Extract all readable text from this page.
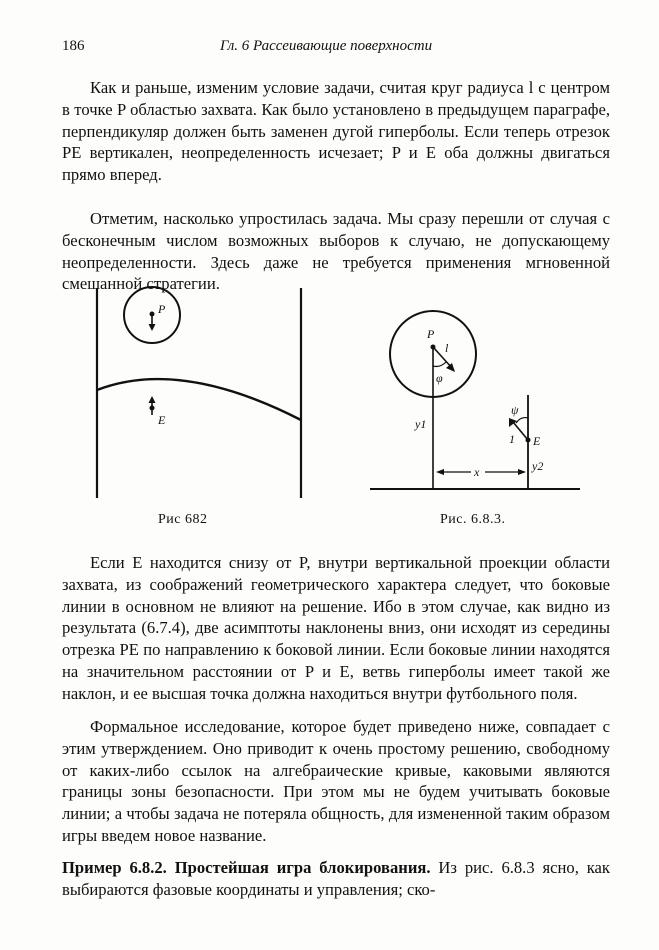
186	Гл. 6 Рассеивающие поверхности

Как и раньше, изменим условие задачи, считая круг радиуса l с центром в точке P областью захвата. Как было установлено в предыдущем параграфе, перпендикуляр должен быть заменен дугой гиперболы. Если теперь отрезок PE вертикален, неопределенность исчезает; P и E оба должны двигаться прямо вперед.

Отметим, насколько упростилась задача. Мы сразу перешли от случая с бесконечным числом возможных выборов к случаю, не допускающему неопределенности. Здесь даже не требуется применения мгновенной смешанной стратегии.

P
E
P
l
φ
ψ
1 E
y1
y2
x
Рис 682	Рис. 6.8.3.

Если E находится снизу от P, внутри вертикальной проекции области захвата, из соображений геометрического характера следует, что боковые линии в основном не влияют на решение. Ибо в этом случае, как видно из результата (6.7.4), две асимптоты наклонены вниз, они исходят из середины отрезка PE по направлению к боковой линии. Если боковые линии находятся на значительном расстоянии от P и E, ветвь гиперболы имеет такой же наклон, и ее высшая точка должна находиться внутри футбольного поля.

Формальное исследование, которое будет приведено ниже, совпадает с этим утверждением. Оно приводит к очень простому решению, свободному от каких-либо ссылок на алгебраические кривые, каковыми являются границы зоны безопасности. При этом мы не будем учитывать боковые линии; а чтобы задача не потеряла общность, для измененной таким образом игры введем новое название.

Пример 6.8.2. Простейшая игра блокирования. Из рис. 6.8.3 ясно, как выбираются фазовые координаты и управления; ско-
